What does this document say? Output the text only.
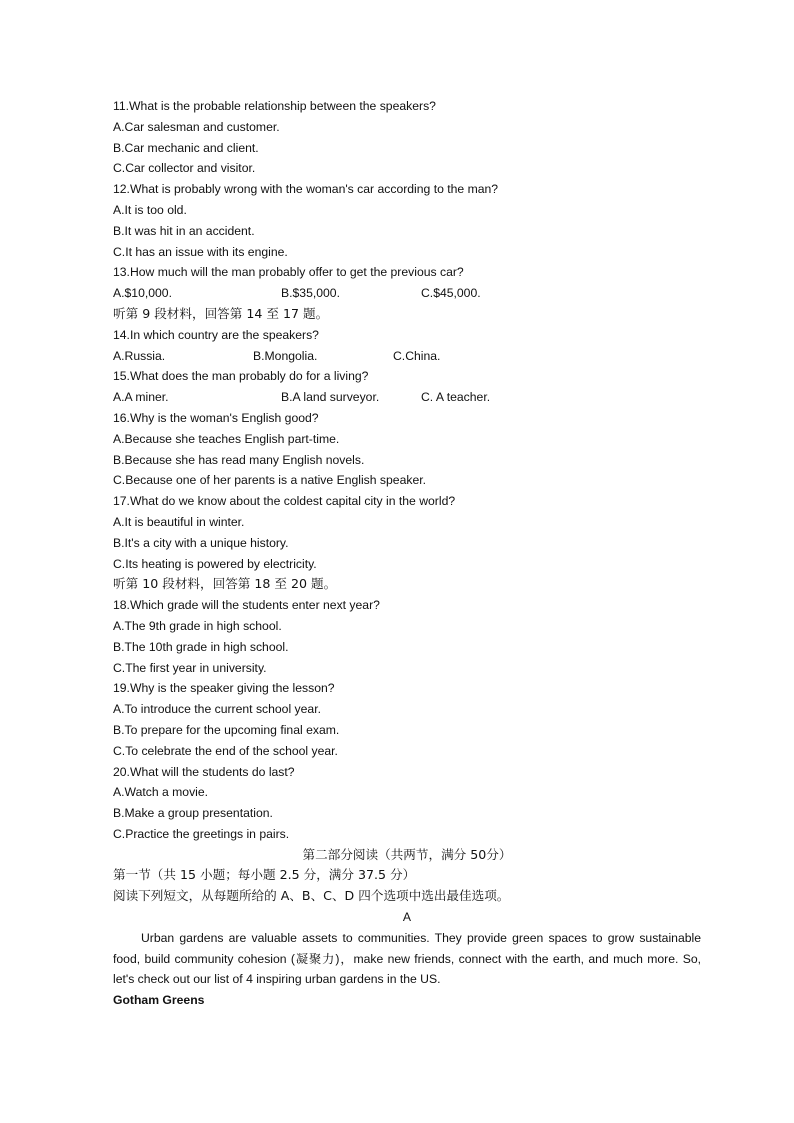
11.What is the probable relationship between the speakers?
A.Car salesman and customer.
B.Car mechanic and client.
C.Car collector and visitor.
12.What is probably wrong with the woman's car according to the man?
A.It is too old.
B.It was hit in an accident.
C.It has an issue with its engine.
13.How much will the man probably offer to get the previous car?
A.$10,000.	B.$35,000.	C.$45,000.
听第 9 段材料，回答第 14 至 17 题。
14.In which country are the speakers?
A.Russia.	B.Mongolia.	C.China.
15.What does the man probably do for a living?
A.A miner.	B.A land surveyor.	C. A teacher.
16.Why is the woman's English good?
A.Because she teaches English part-time.
B.Because she has read many English novels.
C.Because one of her parents is a native English speaker.
17.What do we know about the coldest capital city in the world?
A.It is beautiful in winter.
B.It's a city with a unique history.
C.Its heating is powered by electricity.
听第 10 段材料，回答第 18 至 20 题。
18.Which grade will the students enter next year?
A.The 9th grade in high school.
B.The 10th grade in high school.
C.The first year in university.
19.Why is the speaker giving the lesson?
A.To introduce the current school year.
B.To prepare for the upcoming final exam.
C.To celebrate the end of the school year.
20.What will the students do last?
A.Watch a movie.
B.Make a group presentation.
C.Practice the greetings in pairs.
第二部分阅读（共两节，满分 50分）
第一节（共 15 小题；每小题 2.5 分，满分 37.5 分）
阅读下列短文，从每题所给的 A、B、C、D 四个选项中选出最佳选项。
A

Urban gardens are valuable assets to communities. They provide green spaces to grow sustainable food, build community cohesion (凝聚力)，make new friends, connect with the earth, and much more. So, let's check out our list of 4 inspiring urban gardens in the US.

Gotham Greens
